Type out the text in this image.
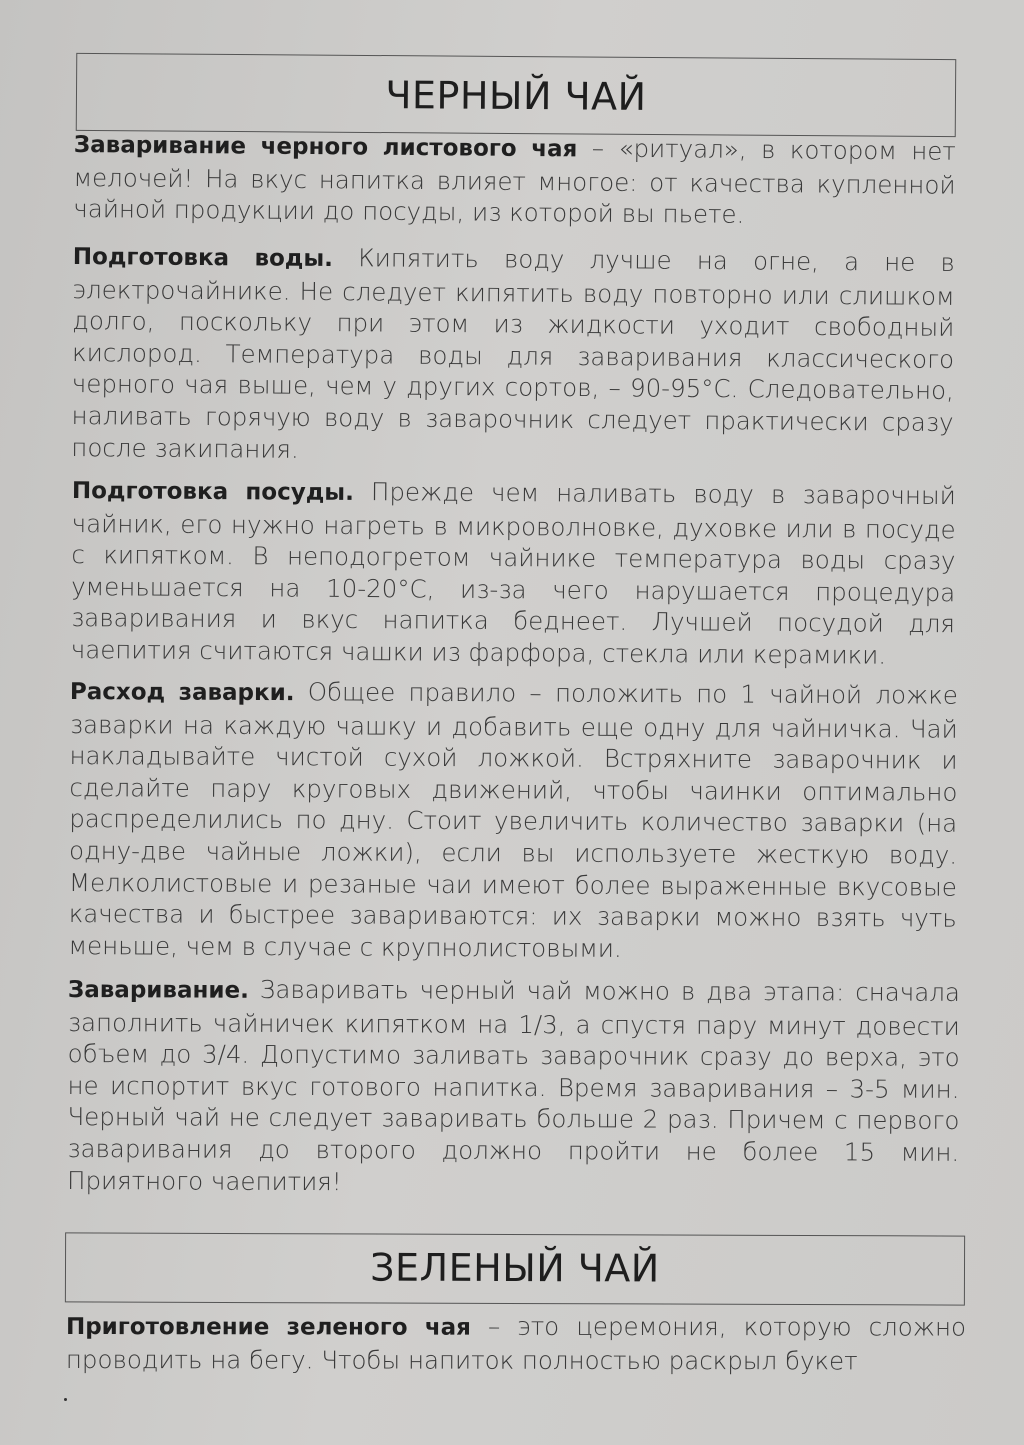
ЧЕРНЫЙ ЧАЙ
Заваривание черного листового чая – «ритуал», в котором нет мелочей! На вкус напитка влияет многое: от качества купленной чайной продукции до посуды, из которой вы пьете.
Подготовка воды. Кипятить воду лучше на огне, а не в электрочайнике. Не следует кипятить воду повторно или слишком долго, поскольку при этом из жидкости уходит свободный кислород. Температура воды для заваривания классического черного чая выше, чем у других сортов, – 90-95°С. Следовательно, наливать горячую воду в заварочник следует практически сразу после закипания.
Подготовка посуды. Прежде чем наливать воду в заварочный чайник, его нужно нагреть в микроволновке, духовке или в посуде с кипятком. В неподогретом чайнике температура воды сразу уменьшается на 10-20°С, из-за чего нарушается процедура заваривания и вкус напитка беднеет. Лучшей посудой для чаепития считаются чашки из фарфора, стекла или керамики.
Расход заварки. Общее правило – положить по 1 чайной ложке заварки на каждую чашку и добавить еще одну для чайничка. Чай накладывайте чистой сухой ложкой. Встряхните заварочник и сделайте пару круговых движений, чтобы чаинки оптимально распределились по дну. Стоит увеличить количество заварки (на одну-две чайные ложки), если вы используете жесткую воду. Мелколистовые и резаные чаи имеют более выраженные вкусовые качества и быстрее завариваются: их заварки можно взять чуть меньше, чем в случае с крупнолистовыми.
Заваривание. Заваривать черный чай можно в два этапа: сначала заполнить чайничек кипятком на 1/3, а спустя пару минут довести объем до 3/4. Допустимо заливать заварочник сразу до верха, это не испортит вкус готового напитка. Время заваривания – 3-5 мин. Черный чай не следует заваривать больше 2 раз. Причем с первого заваривания до второго должно пройти не более 15 мин. Приятного чаепития!
ЗЕЛЕНЫЙ ЧАЙ
Приготовление зеленого чая – это церемония, которую сложно проводить на бегу. Чтобы напиток полностью раскрыл букет
